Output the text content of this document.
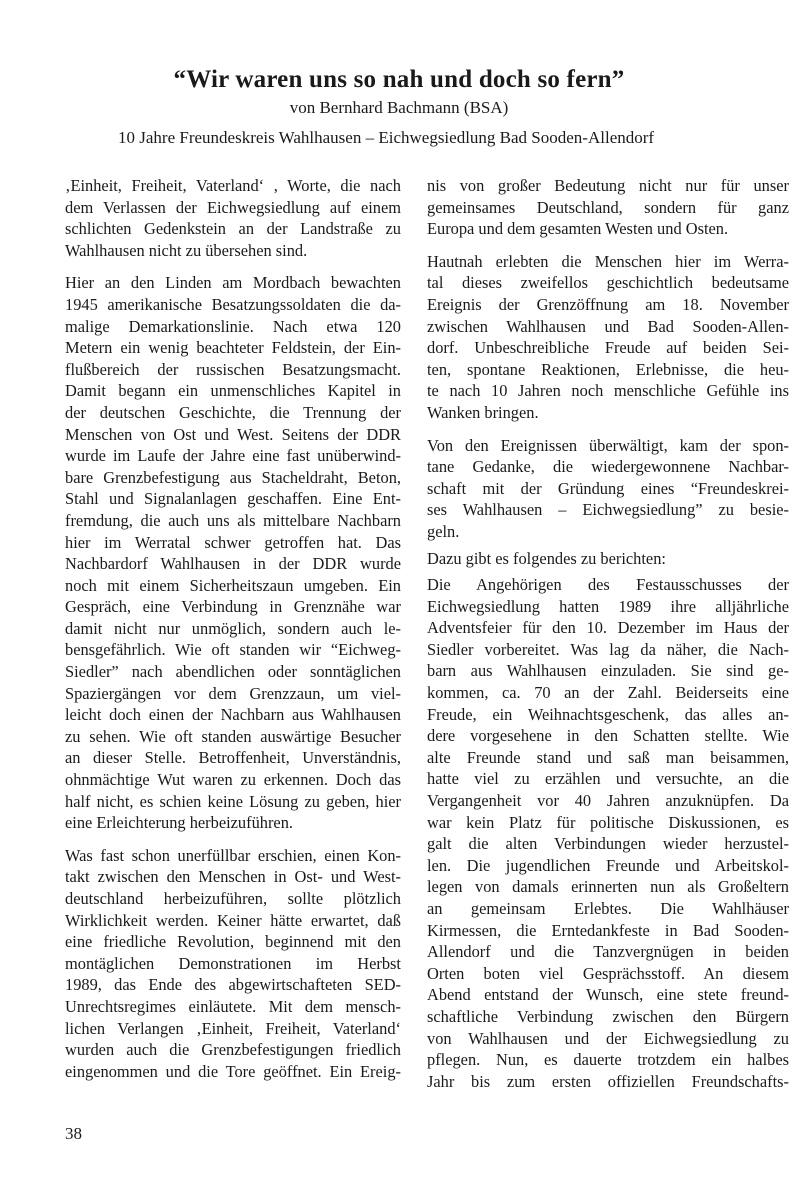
“Wir waren uns so nah und doch so fern”
von Bernhard Bachmann (BSA)
10 Jahre Freundeskreis Wahlhausen – Eichwegsiedlung Bad Sooden-Allendorf
‚Einheit, Freiheit, Vaterland‘ , Worte, die nach
dem Verlassen der Eichwegsiedlung auf einem
schlichten Gedenkstein an der Landstraße zu
Wahlhausen nicht zu übersehen sind.
Hier an den Linden am Mordbach bewachten
1945 amerikanische Besatzungssoldaten die da-
malige Demarkationslinie. Nach etwa 120
Metern ein wenig beachteter Feldstein, der Ein-
flußbereich der russischen Besatzungsmacht.
Damit begann ein unmenschliches Kapitel in
der deutschen Geschichte, die Trennung der
Menschen von Ost und West. Seitens der DDR
wurde im Laufe der Jahre eine fast unüberwind-
bare Grenzbefestigung aus Stacheldraht, Beton,
Stahl und Signalanlagen geschaffen. Eine Ent-
fremdung, die auch uns als mittelbare Nachbarn
hier im Werratal schwer getroffen hat. Das
Nachbardorf Wahlhausen in der DDR wurde
noch mit einem Sicherheitszaun umgeben. Ein
Gespräch, eine Verbindung in Grenznähe war
damit nicht nur unmöglich, sondern auch le-
bensgefährlich. Wie oft standen wir “Eichweg-
Siedler” nach abendlichen oder sonntäglichen
Spaziergängen vor dem Grenzzaun, um viel-
leicht doch einen der Nachbarn aus Wahlhausen
zu sehen. Wie oft standen auswärtige Besucher
an dieser Stelle. Betroffenheit, Unverständnis,
ohnmächtige Wut waren zu erkennen. Doch das
half nicht, es schien keine Lösung zu geben, hier
eine Erleichterung herbeizuführen.
Was fast schon unerfüllbar erschien, einen Kon-
takt zwischen den Menschen in Ost- und West-
deutschland herbeizuführen, sollte plötzlich
Wirklichkeit werden. Keiner hätte erwartet, daß
eine friedliche Revolution, beginnend mit den
montäglichen Demonstrationen im Herbst
1989, das Ende des abgewirtschafteten SED-
Unrechtsregimes einläutete. Mit dem mensch-
lichen Verlangen ‚Einheit, Freiheit, Vaterland‘
wurden auch die Grenzbefestigungen friedlich
eingenommen und die Tore geöffnet. Ein Ereig-
nis von großer Bedeutung nicht nur für unser
gemeinsames Deutschland, sondern für ganz
Europa und dem gesamten Westen und Osten.
Hautnah erlebten die Menschen hier im Werra-
tal dieses zweifellos geschichtlich bedeutsame
Ereignis der Grenzöffnung am 18. November
zwischen Wahlhausen und Bad Sooden-Allen-
dorf. Unbeschreibliche Freude auf beiden Sei-
ten, spontane Reaktionen, Erlebnisse, die heu-
te nach 10 Jahren noch menschliche Gefühle ins
Wanken bringen.
Von den Ereignissen überwältigt, kam der spon-
tane Gedanke, die wiedergewonnene Nachbar-
schaft mit der Gründung eines “Freundeskrei-
ses Wahlhausen – Eichwegsiedlung” zu besie-
geln.
Dazu gibt es folgendes zu berichten:
Die Angehörigen des Festausschusses der
Eichwegsiedlung hatten 1989 ihre alljährliche
Adventsfeier für den 10. Dezember im Haus der
Siedler vorbereitet. Was lag da näher, die Nach-
barn aus Wahlhausen einzuladen. Sie sind ge-
kommen, ca. 70 an der Zahl. Beiderseits eine
Freude, ein Weihnachtsgeschenk, das alles an-
dere vorgesehene in den Schatten stellte. Wie
alte Freunde stand und saß man beisammen,
hatte viel zu erzählen und versuchte, an die
Vergangenheit vor 40 Jahren anzuknüpfen. Da
war kein Platz für politische Diskussionen, es
galt die alten Verbindungen wieder herzustel-
len. Die jugendlichen Freunde und Arbeitskol-
legen von damals erinnerten nun als Großeltern
an gemeinsam Erlebtes. Die Wahlhäuser
Kirmessen, die Erntedankfeste in Bad Sooden-
Allendorf und die Tanzvergnügen in beiden
Orten boten viel Gesprächsstoff. An diesem
Abend entstand der Wunsch, eine stete freund-
schaftliche Verbindung zwischen den Bürgern
von Wahlhausen und der Eichwegsiedlung zu
pflegen. Nun, es dauerte trotzdem ein halbes
Jahr bis zum ersten offiziellen Freundschafts-
38
